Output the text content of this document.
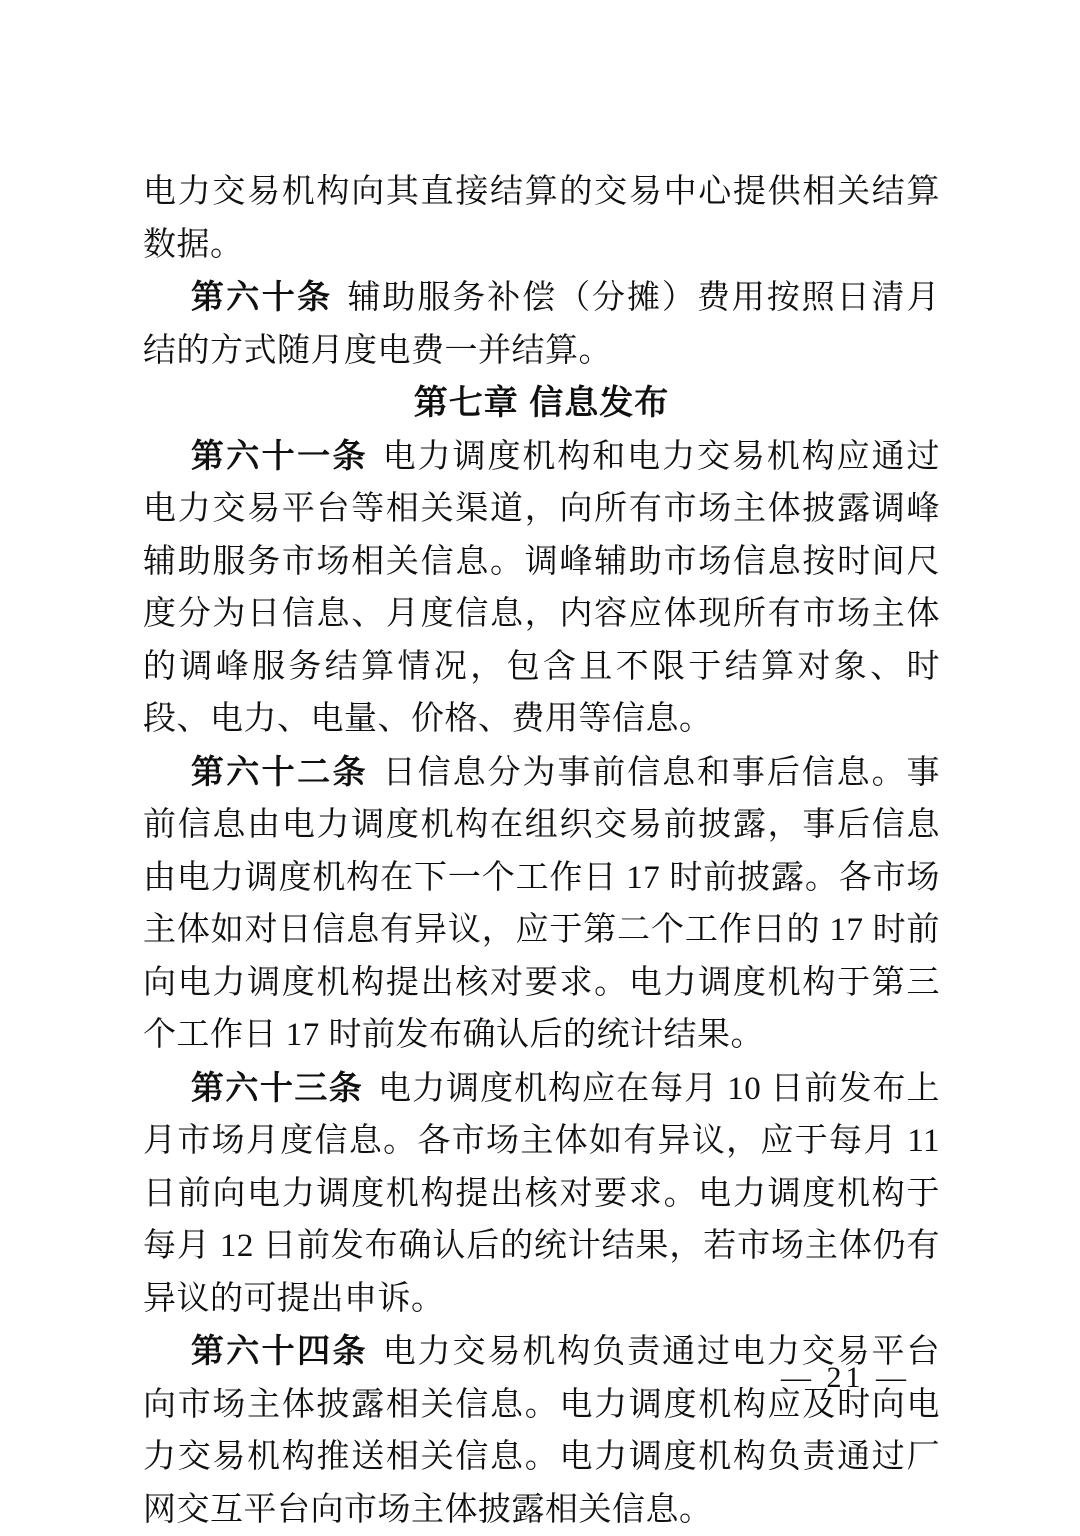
电力交易机构向其直接结算的交易中心提供相关结算数据。

第六十条 辅助服务补偿（分摊）费用按照日清月结的方式随月度电费一并结算。

第七章 信息发布

第六十一条 电力调度机构和电力交易机构应通过电力交易平台等相关渠道，向所有市场主体披露调峰辅助服务市场相关信息。调峰辅助市场信息按时间尺度分为日信息、月度信息，内容应体现所有市场主体的调峰服务结算情况，包含且不限于结算对象、时段、电力、电量、价格、费用等信息。

第六十二条 日信息分为事前信息和事后信息。事前信息由电力调度机构在组织交易前披露，事后信息由电力调度机构在下一个工作日 17 时前披露。各市场主体如对日信息有异议，应于第二个工作日的 17 时前向电力调度机构提出核对要求。电力调度机构于第三个工作日 17 时前发布确认后的统计结果。

第六十三条 电力调度机构应在每月 10 日前发布上月市场月度信息。各市场主体如有异议，应于每月 11 日前向电力调度机构提出核对要求。电力调度机构于每月 12 日前发布确认后的统计结果，若市场主体仍有异议的可提出申诉。

第六十四条 电力交易机构负责通过电力交易平台向市场主体披露相关信息。电力调度机构应及时向电力交易机构推送相关信息。电力调度机构负责通过厂网交互平台向市场主体披露相关信息。

— 21 —
